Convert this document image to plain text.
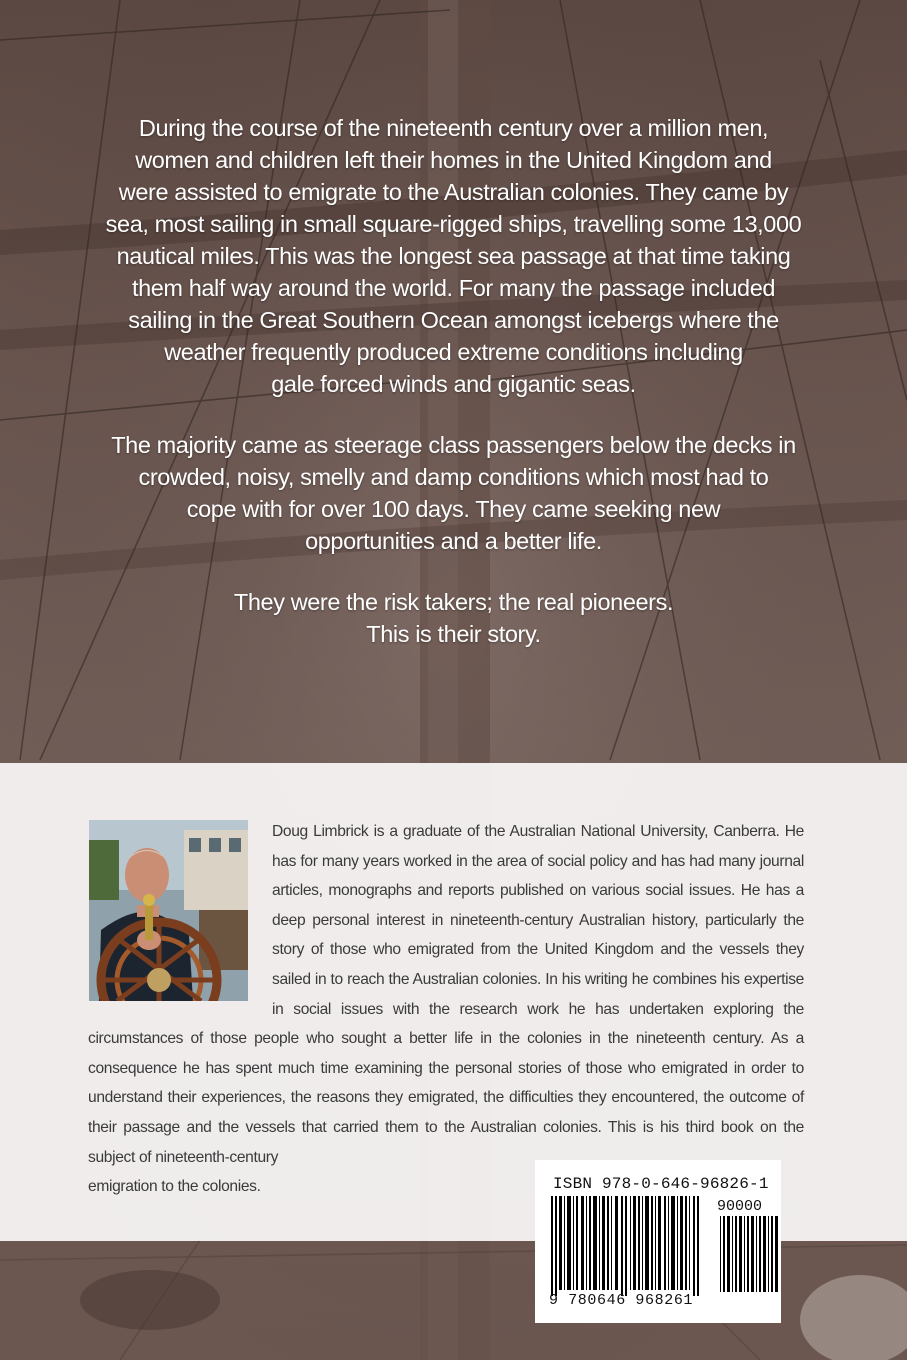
During the course of the nineteenth century over a million men,
women and children left their homes in the United Kingdom and
were assisted to emigrate to the Australian colonies. They came by
sea, most sailing in small square-rigged ships, travelling some 13,000
nautical miles. This was the longest sea passage at that time taking
them half way around the world. For many the passage included
sailing in the Great Southern Ocean amongst icebergs where the
weather frequently produced extreme conditions including
gale forced winds and gigantic seas.

The majority came as steerage class passengers below the decks in
crowded, noisy, smelly and damp conditions which most had to
cope with for over 100 days. They came seeking new
opportunities and a better life.

They were the risk takers; the real pioneers.
This is their story.

Doug Limbrick is a graduate of the Australian National University, Canberra. He has for many years worked in the area of social policy and has had many journal articles, monographs and reports published on various social issues. He has a deep personal interest in nineteenth-century Australian history, particularly the story of those who emigrated from the United Kingdom and the vessels they sailed in to reach the Australian colonies. In his writing he combines his expertise in social issues with the research work he has undertaken exploring the circumstances of those people who sought a better life in the colonies in the nineteenth century. As a consequence he has spent much time examining the personal stories of those who emigrated in order to understand their experiences, the reasons they emigrated, the difficulties they encountered, the outcome of their passage and the vessels that carried them to the Australian colonies. This is his third book on the subject of nineteenth-century
emigration to the colonies.	ISBN 978-0-646-96826-1
90000
9 780646 968261
